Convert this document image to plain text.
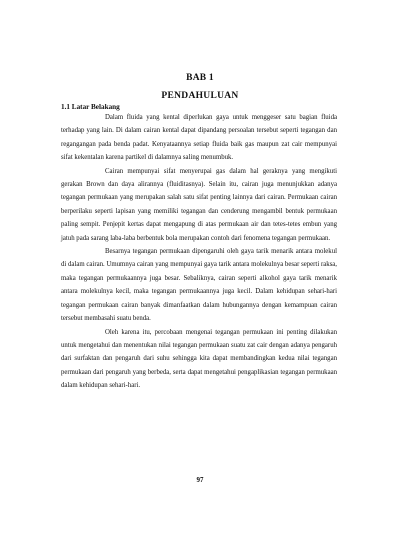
BAB 1
PENDAHULUAN
1.1 Latar Belakang

Dalam fluida yang kental diperlukan gaya untuk menggeser satu bagian fluida terhadap yang lain. Di dalam cairan kental dapat dipandang persoalan tersebut seperti tegangan dan regangangan pada benda padat. Kenyataannya setiap fluida baik gas maupun zat cair mempunyai sifat kekentalan karena partikel di dalamnya saling menumbuk.

Cairan mempunyai sifat menyerupai gas dalam hal geraknya yang mengikuti gerakan Brown dan daya alirannya (fluiditasnya). Selain itu, cairan juga menunjukkan adanya tegangan permukaan yang merupakan salah satu sifat penting lainnya dari cairan. Permukaan cairan berperilaku seperti lapisan yang memiliki tegangan dan cenderung mengambil bentuk permukaan paling sempit. Penjepit kertas dapat mengapung di atas permukaan air dan tetes-tetes embun yang jatuh pada sarang laba-laba berbentuk bola merupakan contoh dari fenomena tegangan permukaan.

Besarnya tegangan permukaan dipengaruhi oleh gaya tarik menarik antara molekul di dalam cairan. Umumnya cairan yang mempunyai gaya tarik antara molekulnya besar seperti raksa, maka tegangan permukaannya juga besar. Sebaliknya, cairan seperti alkohol gaya tarik menarik antara molekulnya kecil, maka tegangan permukaannya juga kecil. Dalam kehidupan sehari-hari tegangan permukaan cairan banyak dimanfaatkan dalam hubungannya dengan kemampuan cairan tersebut membasahi suatu benda.

Oleh karena itu, percobaan mengenai tegangan permukaan ini penting dilakukan untuk mengetahui dan menentukan nilai tegangan permukaan suatu zat cair dengan adanya pengaruh dari surfaktan dan pengaruh dari suhu sehingga kita dapat membandingkan kedua nilai tegangan permukaan dari pengaruh yang berbeda, serta dapat mengetahui pengaplikasian tegangan permukaan dalam kehidupan sehari-hari.

97
